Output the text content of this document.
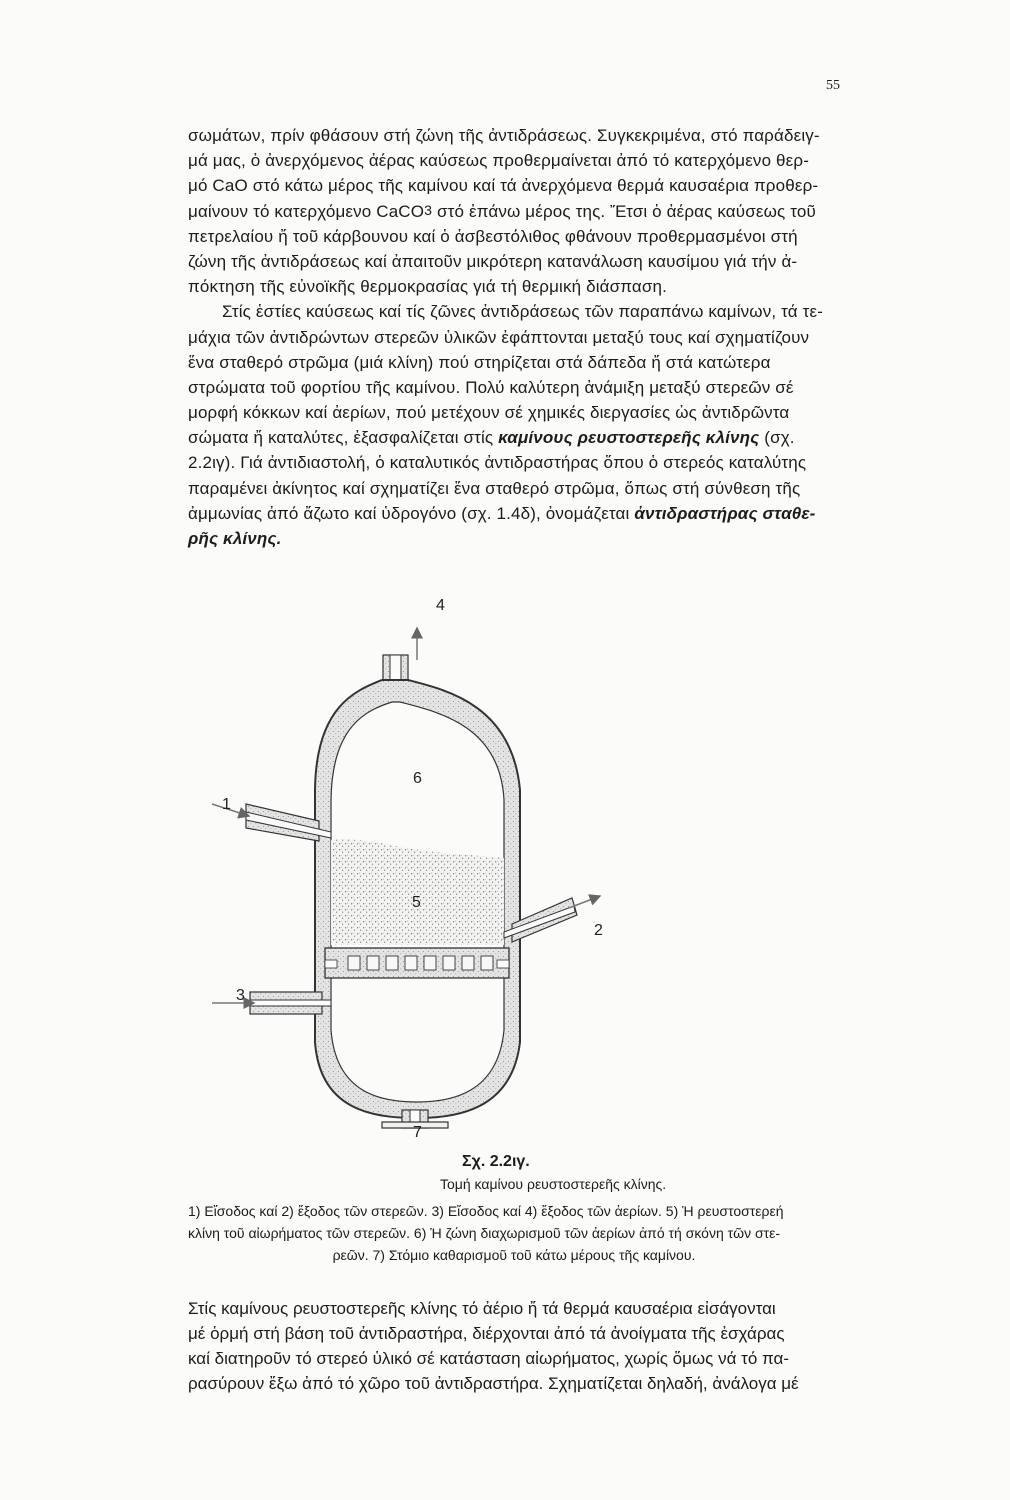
55
σωμάτων, πρίν φθάσουν στή ζώνη τῆς ἀντιδράσεως. Συγκεκριμένα, στό παράδειγ-
μά μας, ὁ ἀνερχόμενος ἀέρας καύσεως προθερμαίνεται ἀπό τό κατερχόμενο θερ-
μό CaO στό κάτω μέρος τῆς καμίνου καί τά ἀνερχόμενα θερμά καυσαέρια προθερ-
μαίνουν τό κατερχόμενο CaCO 3 στό ἐπάνω μέρος της. Ἔτσι ὁ ἀέρας καύσεως τοῦ
πετρελαίου ἤ τοῦ κάρβουνου καί ὁ ἀσβεστόλιθος φθάνουν προθερμασμένοι στή
ζώνη τῆς ἀντιδράσεως καί ἀπαιτοῦν μικρότερη κατανάλωση καυσίμου γιά τήν ἀ-
πόκτηση τῆς εὐνοϊκῆς θερμοκρασίας γιά τή θερμική διάσπαση.
Στίς ἑστίες καύσεως καί τίς ζῶνες ἀντιδράσεως τῶν παραπάνω καμίνων, τά τε-
μάχια τῶν ἀντιδρώντων στερεῶν ὑλικῶν ἐφάπτονται μεταξύ τους καί σχηματίζουν
ἕνα σταθερό στρῶμα (μιά κλίνη) πού στηρίζεται στά δάπεδα ἤ στά κατώτερα
στρώματα τοῦ φορτίου τῆς καμίνου. Πολύ καλύτερη ἀνάμιξη μεταξύ στερεῶν σέ
μορφή κόκκων καί ἀερίων, πού μετέχουν σέ χημικές διεργασίες ὡς ἀντιδρῶντα
σώματα ἤ καταλύτες, ἐξασφαλίζεται στίς καμίνους ρευστοστερεῆς κλίνης (σχ.
2.2ιγ). Γιά ἀντιδιαστολή, ὁ καταλυτικός ἀντιδραστήρας ὅπου ὁ στερεός καταλύτης
παραμένει ἀκίνητος καί σχηματίζει ἕνα σταθερό στρῶμα, ὅπως στή σύνθεση τῆς
ἀμμωνίας ἀπό ἄζωτο καί ὑδρογόνο (σχ. 1.4δ), ὀνομάζεται ἀντιδραστήρας σταθε-
ρῆς κλίνης.
1
2
3
4
5
6
7
Σχ. 2.2ιγ.
Τομή καμίνου ρευστοστερεῆς κλίνης.
1) Εἴσοδος καί 2) ἔξοδος τῶν στερεῶν. 3) Εἴσοδος καί 4) ἔξοδος τῶν ἀερίων. 5) Ἡ ρευστοστερεή
κλίνη τοῦ αἰωρήματος τῶν στερεῶν. 6) Ἡ ζώνη διαχωρισμοῦ τῶν ἀερίων ἀπό τή σκόνη τῶν στε-
ρεῶν. 7) Στόμιο καθαρισμοῦ τοῦ κάτω μέρους τῆς καμίνου.
Στίς καμίνους ρευστοστερεῆς κλίνης τό ἀέριο ἤ τά θερμά καυσαέρια εἰσάγονται
μέ ὁρμή στή βάση τοῦ ἀντιδραστήρα, διέρχονται ἀπό τά ἀνοίγματα τῆς ἐσχάρας
καί διατηροῦν τό στερεό ὑλικό σέ κατάσταση αἰωρήματος, χωρίς ὅμως νά τό πα-
ρασύρουν ἔξω ἀπό τό χῶρο τοῦ ἀντιδραστήρα. Σχηματίζεται δηλαδή, ἀνάλογα μέ
